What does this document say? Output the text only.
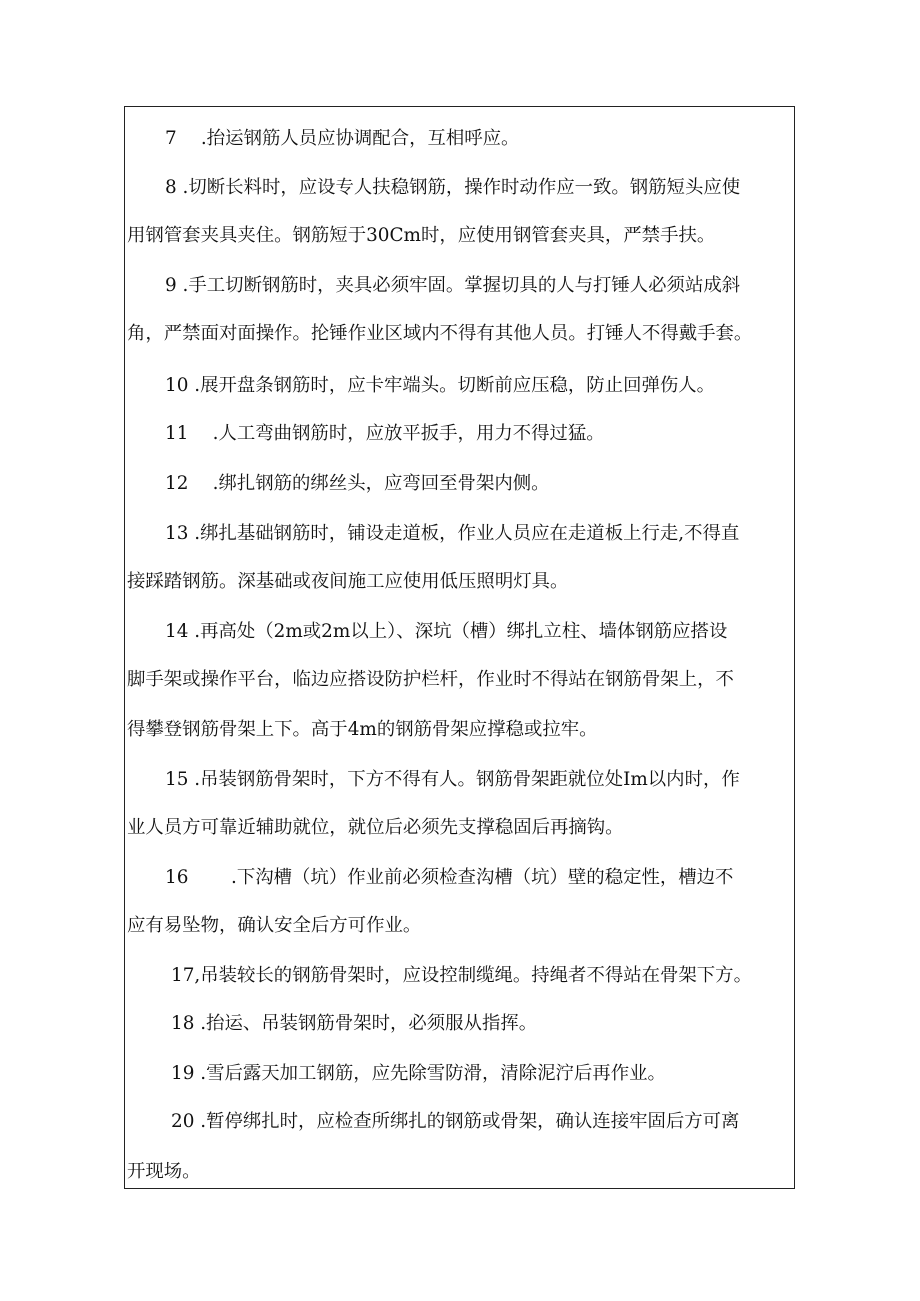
7　 .抬运钢筋人员应协调配合，互相呼应。
8 .切断长料时，应设专人扶稳钢筋，操作时动作应一致。钢筋短头应使
用钢管套夹具夹住。钢筋短于30Cm时，应使用钢管套夹具，严禁手扶。
9 .手工切断钢筋时，夹具必须牢固。掌握切具的人与打锤人必须站成斜
角，严禁面对面操作。抡锤作业区域内不得有其他人员。打锤人不得戴手套。
10 .展开盘条钢筋时，应卡牢端头。切断前应压稳，防止回弹伤人。
11　 .人工弯曲钢筋时，应放平扳手，用力不得过猛。
12　 .绑扎钢筋的绑丝头，应弯回至骨架内侧。
13 .绑扎基础钢筋时，铺设走道板，作业人员应在走道板上行走,不得直
接踩踏钢筋。深基础或夜间施工应使用低压照明灯具。
14 .再高处（2m或2m以上）、深坑（槽）绑扎立柱、墙体钢筋应搭设
脚手架或操作平台，临边应搭设防护栏杆，作业时不得站在钢筋骨架上，不
得攀登钢筋骨架上下。高于4m的钢筋骨架应撑稳或拉牢。
15 .吊装钢筋骨架时，下方不得有人。钢筋骨架距就位处Im以内时，作
业人员方可靠近辅助就位，就位后必须先支撑稳固后再摘钩。
16　　 .下沟槽（坑）作业前必须检查沟槽（坑）壁的稳定性，槽边不
应有易坠物，确认安全后方可作业。
17,吊装较长的钢筋骨架时，应设控制缆绳。持绳者不得站在骨架下方。
18 .抬运、吊装钢筋骨架时，必须服从指挥。
19 .雪后露天加工钢筋，应先除雪防滑，清除泥泞后再作业。
20 .暂停绑扎时，应检查所绑扎的钢筋或骨架，确认连接牢固后方可离
开现场。
